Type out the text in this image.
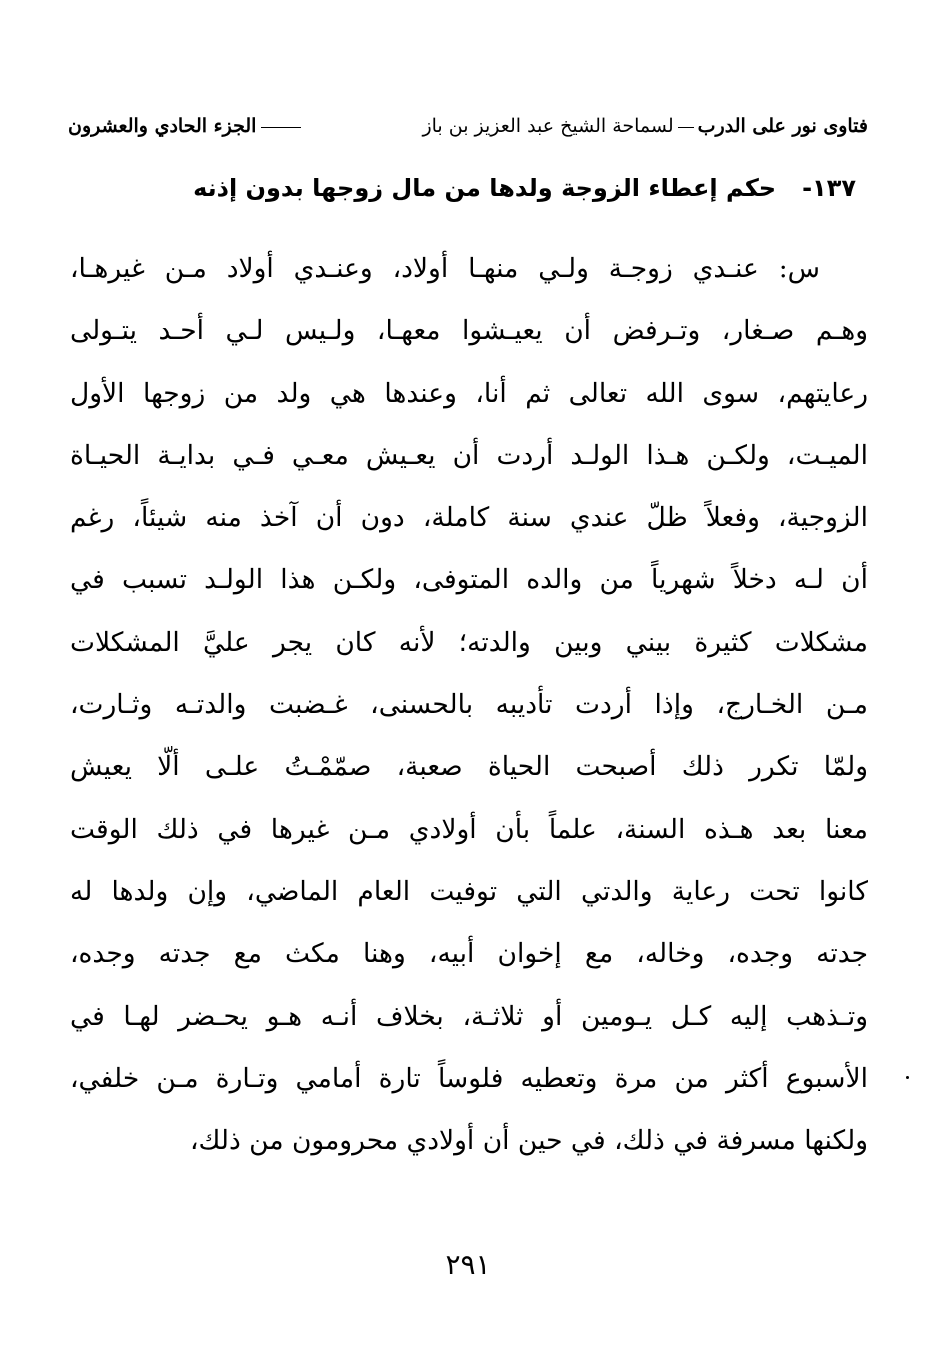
فتاوى نور على الدربلسماحة الشيخ عبد العزيز بن باز
الجزء الحادي والعشرون
١٣٧-حكم إعطاء الزوجة ولدها من مال زوجها بدون إذنه
س: عنـدي زوجـة ولـي منهـا أولاد، وعنـدي أولاد مـن غيرهـا،
وهـم صـغار، وتـرفض أن يعيـشوا معهـا، ولـيس لـي أحـد يتـولى
رعايتهم، سوى الله تعالى ثم أنا، وعندها هي ولد من زوجها الأول
الميـت، ولكـن هـذا الولـد أردت أن يعـيش معـي فـي بدايـة الحيـاة
الزوجية، وفعلاً ظلّ عندي سنة كاملة، دون أن آخذ منه شيئاً، رغم
أن لـه دخلاً شهرياً من والده المتوفى، ولكـن هذا الولـد تسبب في
مشكلات كثيرة بيني وبين والدته؛ لأنه كان يجر عليَّ المشكلات
مـن الخـارج، وإذا أردت تأديبه بالحسنى، غـضبت والدتـه وثـارت،
ولمّا تكرر ذلك أصبحت الحياة صعبة، صمّمْـتُ علـى ألّا يعيش
معنا بعد هـذه السنة، علماً بأن أولادي مـن غيرها في ذلك الوقت
كانوا تحت رعاية والدتي التي توفيت العام الماضي، وإن ولدها له
جدته وجده، وخاله، مع إخوان أبيه، وهنا مكث مع جدته وجده،
وتـذهب إليه كـل يـومين أو ثلاثـة، بخلاف أنـه هـو يحـضر لهـا في
الأسبوع أكثر من مرة وتعطيه فلوساً تارة أمامي وتـارة مـن خلفي،
ولكنها مسرفة في ذلك، في حين أن أولادي محرومون من ذلك،
٢٩١
